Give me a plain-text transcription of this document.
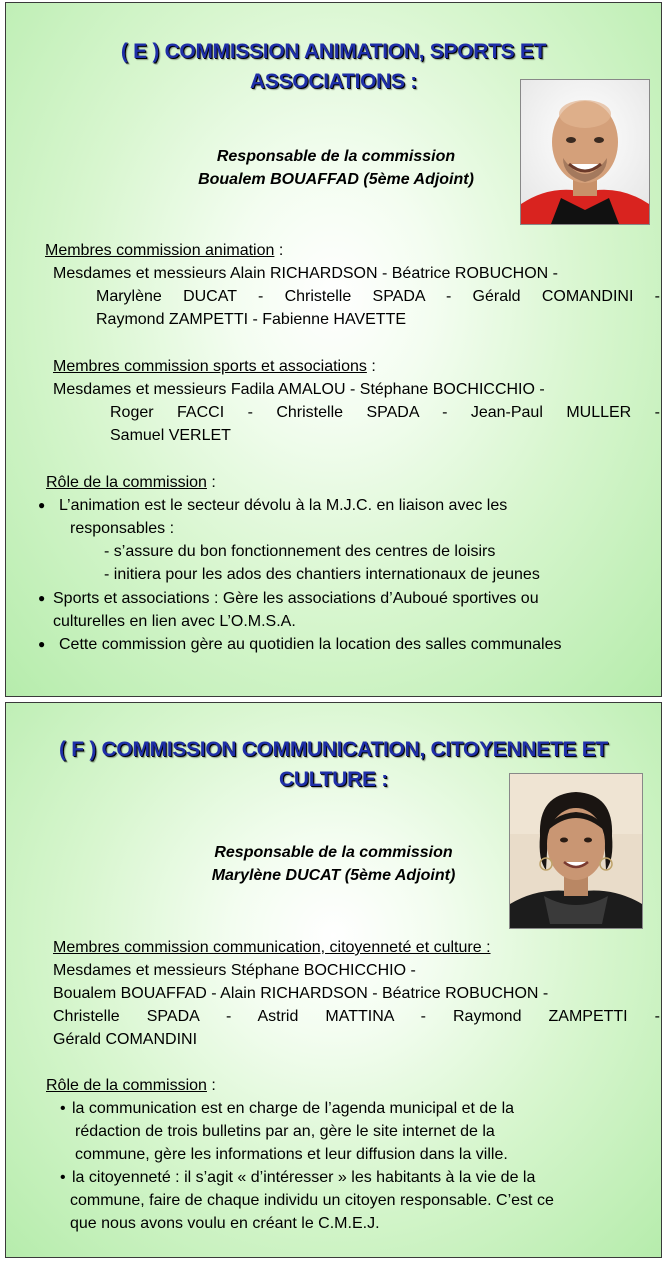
( E ) COMMISSION ANIMATION, SPORTS ET
ASSOCIATIONS :

Responsable de la commission

Boualem BOUAFFAD (5ème Adjoint)

Membres commission animation :

Mesdames et messieurs Alain RICHARDSON - Béatrice ROBUCHON -

Marylène DUCAT - Christelle SPADA - Gérald COMANDINI -

Raymond ZAMPETTI - Fabienne HAVETTE

Membres commission sports et associations :

Mesdames et messieurs Fadila AMALOU - Stéphane BOCHICCHIO -

Roger FACCI - Christelle SPADA - Jean-Paul MULLER -

Samuel VERLET

Rôle de la commission :

● L’animation est le secteur dévolu à la M.J.C. en liaison avec les

responsables :

- s’assure du bon fonctionnement des centres de loisirs

- initiera pour les ados des chantiers internationaux de jeunes

● Sports et associations : Gère les associations d’Auboué sportives ou

culturelles en lien avec L’O.M.S.A.

● Cette commission gère au quotidien la location des salles communales

( F ) COMMISSION COMMUNICATION, CITOYENNETE ET
CULTURE :

Responsable de la commission

Marylène DUCAT (5ème Adjoint)

Membres commission communication, citoyenneté et culture :

Mesdames et messieurs Stéphane BOCHICCHIO -

Boualem BOUAFFAD - Alain RICHARDSON - Béatrice ROBUCHON -

Christelle SPADA - Astrid MATTINA - Raymond ZAMPETTI -

Gérald COMANDINI

Rôle de la commission :

• la communication est en charge de l’agenda municipal et de la

rédaction de trois bulletins par an, gère le site internet de la

commune, gère les informations et leur diffusion dans la ville.

• la citoyenneté : il s’agit « d’intéresser » les habitants à la vie de la

commune, faire de chaque individu un citoyen responsable. C’est ce

que nous avons voulu en créant le C.M.E.J.
